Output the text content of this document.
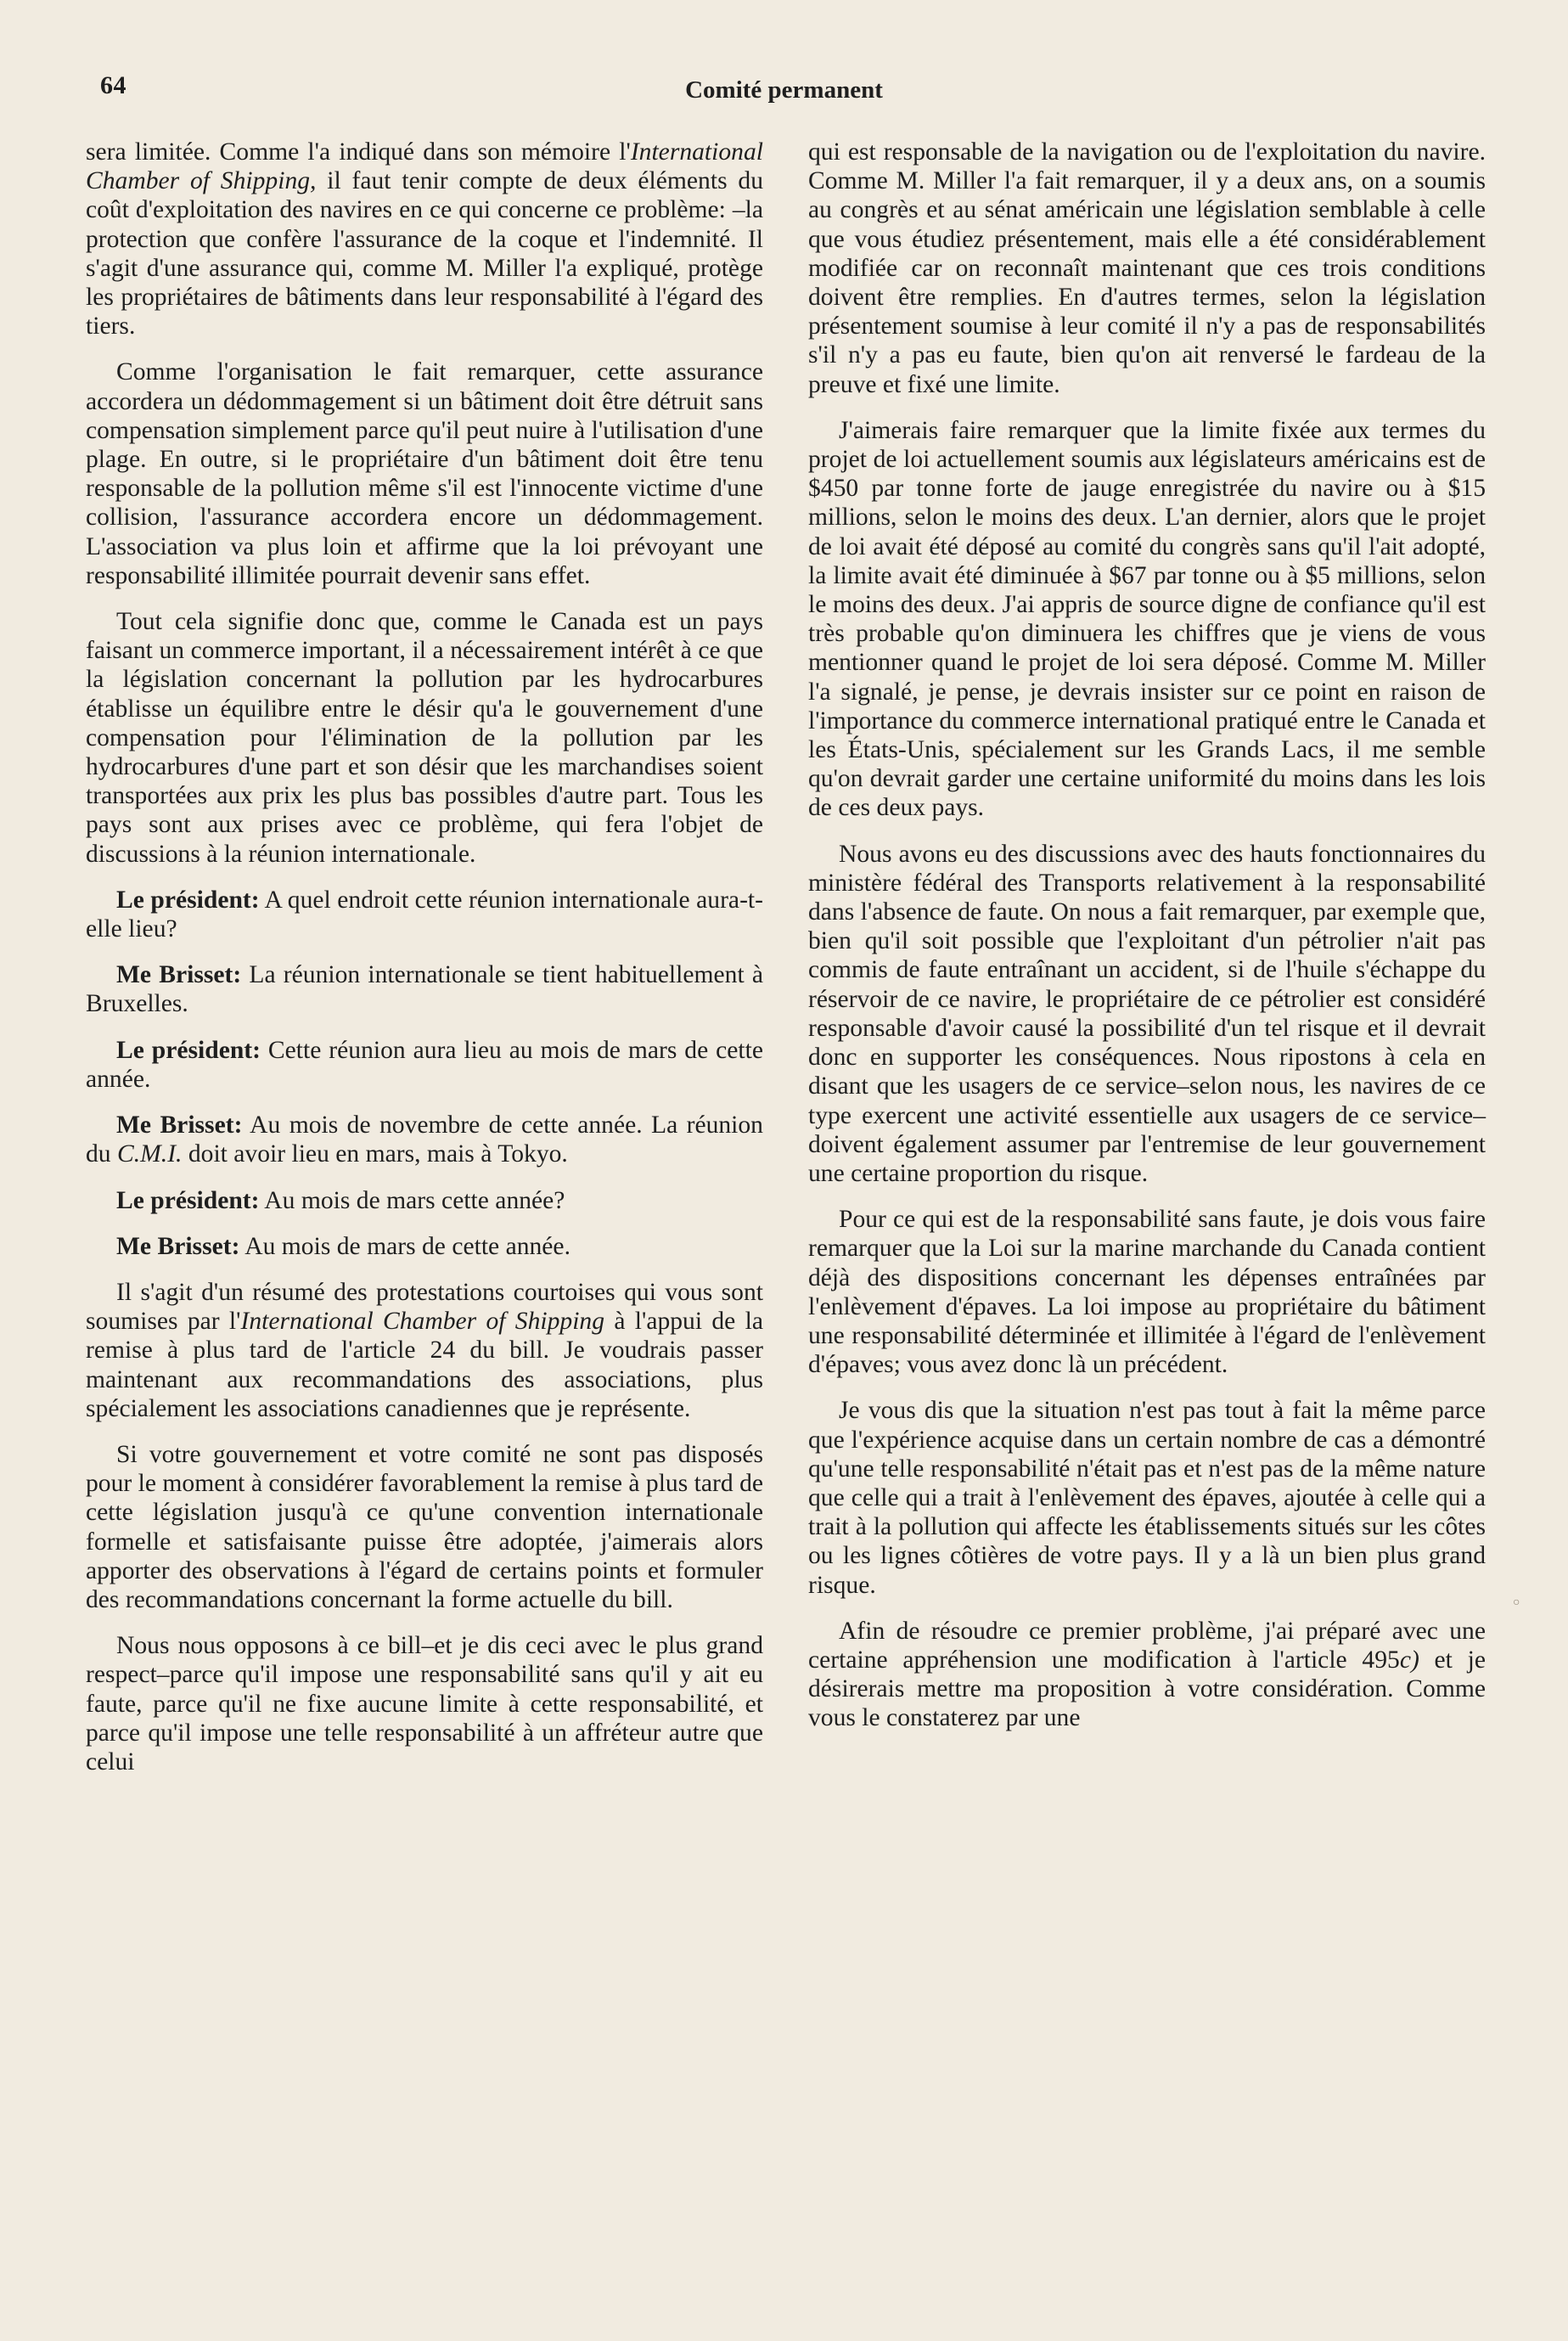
64	Comité permanent

sera limitée. Comme l'a indiqué dans son mémoire l'International Chamber of Shipping, il faut tenir compte de deux éléments du coût d'exploitation des navires en ce qui concerne ce problème: –la protection que confère l'assurance de la coque et l'indemnité. Il s'agit d'une assurance qui, comme M. Miller l'a expliqué, protège les propriétaires de bâtiments dans leur responsabilité à l'égard des tiers.

Comme l'organisation le fait remarquer, cette assurance accordera un dédommagement si un bâtiment doit être détruit sans compensation simplement parce qu'il peut nuire à l'utilisation d'une plage. En outre, si le propriétaire d'un bâtiment doit être tenu responsable de la pollution même s'il est l'innocente victime d'une collision, l'assurance accordera encore un dédommagement. L'association va plus loin et affirme que la loi prévoyant une responsabilité illimitée pourrait devenir sans effet.

Tout cela signifie donc que, comme le Canada est un pays faisant un commerce important, il a nécessairement intérêt à ce que la législation concernant la pollution par les hydrocarbures établisse un équilibre entre le désir qu'a le gouvernement d'une compensation pour l'élimination de la pollution par les hydrocarbures d'une part et son désir que les marchandises soient transportées aux prix les plus bas possibles d'autre part. Tous les pays sont aux prises avec ce problème, qui fera l'objet de discussions à la réunion internationale.

Le président: A quel endroit cette réunion internationale aura-t-elle lieu?

Me Brisset: La réunion internationale se tient habituellement à Bruxelles.

Le président: Cette réunion aura lieu au mois de mars de cette année.

Me Brisset: Au mois de novembre de cette année. La réunion du C.M.I. doit avoir lieu en mars, mais à Tokyo.

Le président: Au mois de mars cette année?

Me Brisset: Au mois de mars de cette année.

Il s'agit d'un résumé des protestations courtoises qui vous sont soumises par l'International Chamber of Shipping à l'appui de la remise à plus tard de l'article 24 du bill. Je voudrais passer maintenant aux recommandations des associations, plus spécialement les associations canadiennes que je représente.

Si votre gouvernement et votre comité ne sont pas disposés pour le moment à considérer favorablement la remise à plus tard de cette législation jusqu'à ce qu'une convention internationale formelle et satisfaisante puisse être adoptée, j'aimerais alors apporter des observations à l'égard de certains points et formuler des recommandations concernant la forme actuelle du bill.

Nous nous opposons à ce bill–et je dis ceci avec le plus grand respect–parce qu'il impose une responsabilité sans qu'il y ait eu faute, parce qu'il ne fixe aucune limite à cette responsabilité, et parce qu'il impose une telle responsabilité à un affréteur autre que celui

qui est responsable de la navigation ou de l'exploitation du navire. Comme M. Miller l'a fait remarquer, il y a deux ans, on a soumis au congrès et au sénat américain une législation semblable à celle que vous étudiez présentement, mais elle a été considérablement modifiée car on reconnaît maintenant que ces trois conditions doivent être remplies. En d'autres termes, selon la législation présentement soumise à leur comité il n'y a pas de responsabilités s'il n'y a pas eu faute, bien qu'on ait renversé le fardeau de la preuve et fixé une limite.

J'aimerais faire remarquer que la limite fixée aux termes du projet de loi actuellement soumis aux législateurs américains est de $450 par tonne forte de jauge enregistrée du navire ou à $15 millions, selon le moins des deux. L'an dernier, alors que le projet de loi avait été déposé au comité du congrès sans qu'il l'ait adopté, la limite avait été diminuée à $67 par tonne ou à $5 millions, selon le moins des deux. J'ai appris de source digne de confiance qu'il est très probable qu'on diminuera les chiffres que je viens de vous mentionner quand le projet de loi sera déposé. Comme M. Miller l'a signalé, je pense, je devrais insister sur ce point en raison de l'importance du commerce international pratiqué entre le Canada et les États-Unis, spécialement sur les Grands Lacs, il me semble qu'on devrait garder une certaine uniformité du moins dans les lois de ces deux pays.

Nous avons eu des discussions avec des hauts fonctionnaires du ministère fédéral des Transports relativement à la responsabilité dans l'absence de faute. On nous a fait remarquer, par exemple que, bien qu'il soit possible que l'exploitant d'un pétrolier n'ait pas commis de faute entraînant un accident, si de l'huile s'échappe du réservoir de ce navire, le propriétaire de ce pétrolier est considéré responsable d'avoir causé la possibilité d'un tel risque et il devrait donc en supporter les conséquences. Nous ripostons à cela en disant que les usagers de ce service–selon nous, les navires de ce type exercent une activité essentielle aux usagers de ce service–doivent également assumer par l'entremise de leur gouvernement une certaine proportion du risque.

Pour ce qui est de la responsabilité sans faute, je dois vous faire remarquer que la Loi sur la marine marchande du Canada contient déjà des dispositions concernant les dépenses entraînées par l'enlèvement d'épaves. La loi impose au propriétaire du bâtiment une responsabilité déterminée et illimitée à l'égard de l'enlèvement d'épaves; vous avez donc là un précédent.

Je vous dis que la situation n'est pas tout à fait la même parce que l'expérience acquise dans un certain nombre de cas a démontré qu'une telle responsabilité n'était pas et n'est pas de la même nature que celle qui a trait à l'enlèvement des épaves, ajoutée à celle qui a trait à la pollution qui affecte les établissements situés sur les côtes ou les lignes côtières de votre pays. Il y a là un bien plus grand risque.

Afin de résoudre ce premier problème, j'ai préparé avec une certaine appréhension une modification à l'article 495c) et je désirerais mettre ma proposition à votre considération. Comme vous le constaterez par une

○
